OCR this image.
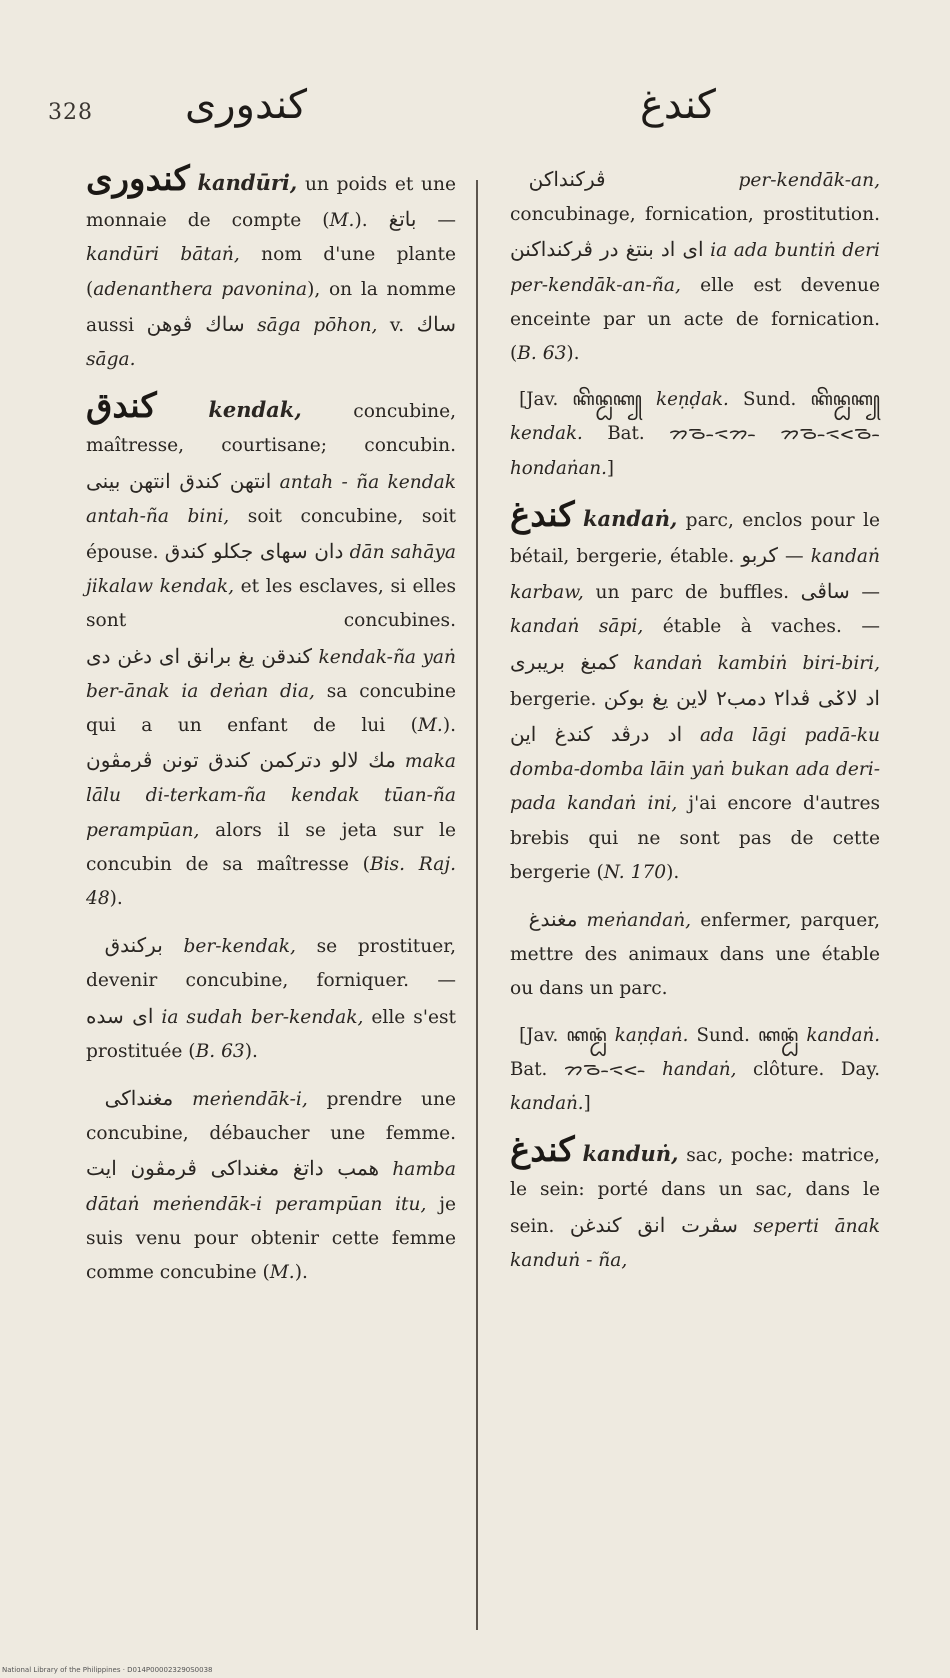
328 کندوری	کندغ

کندوری kandūri, un poids et une monnaie de compte (M.). باتغ — kandūri bātaṅ, nom d'une plante (adenanthera pavonina), on la nomme aussi ساك ڤوهن sāga pōhon, v. ساك sāga.

کندق kendak, concubine, maîtresse, courtisane; concubin. انتهن کندق انتهن بینی antah - ña kendak antah-ña bini, soit concubine, soit épouse. دان سهای جکلو کندق dān sahāya jikalaw kendak, et les esclaves, si elles sont concubines. کندقن یغ برانق ای دغن دی kendak-ña yaṅ ber-ānak ia deṅan dia, sa concubine qui a un enfant de lui (M.). مك لالو دترکمن کندق تونن ڤرمڤون maka lālu di-terkam-ña kendak tūan-ña perampūan, alors il se jeta sur le concubin de sa maîtresse (Bis. Raj. 48).

 برکندق ber-kendak, se prostituer, devenir concubine, forniquer. — ای سده ia sudah ber-kendak, elle s'est prostituée (B. 63).

 مغنداکی meṅendāk-i, prendre une concubine, débaucher une femme. همب داتغ مغنداکی ڤرمڤون ایت hamba dātaṅ meṅendāk-i perampūan itu, je suis venu pour obtenir cette femme comme concubine (M.).

 ڤرکنداکن	per-kendāk-an, concubinage, fornication, prostitution. ای اد بنتغ در ڤرکنداکنن ia ada buntiṅ deri per-kendāk-an-ña, elle est devenue enceinte par un acte de fornication. (B. 63).

 [Jav. ꦏꦼꦤ꧀ꦝꦏ꧀ keṇḍak. Sund. ꦏꦼꦤ꧀ꦝꦏ꧀ kendak. Bat. ᯂᯉ᯳ᯑᯂ᯳ ᯂᯉ᯳ᯑᯝᯉ᯳ hondaṅan.]

کندغ kandaṅ, parc, enclos pour le bétail, bergerie, étable. کربو — kandaṅ karbaw, un parc de buffles. ساڤی — kandaṅ sāpi, étable à vaches. — کمبغ بریبری kandaṅ kambiṅ biri-biri, bergerie. اد لاݢی ڤدا۲ دمب۲ لاین یغ بوکن اد درڤد کندغ این ada lāgi padā-ku domba-domba lāin yaṅ bukan ada deri-pada kandaṅ ini, j'ai encore d'autres brebis qui ne sont pas de cette bergerie (N. 170).

 مغندغ meṅandaṅ, enfermer, parquer, mettre des animaux dans une étable ou dans un parc.

 [Jav. ꦏꦤ꧀ꦝꦁ kaṇḍaṅ. Sund. ꦏꦤ꧀ꦝꦁ kandaṅ. Bat. ᯂᯉ᯳ᯑᯝ᯳ handaṅ, clôture. Day. kandaṅ.]

کندغ kanduṅ, sac, poche: matrice, le sein: porté dans un sac, dans le sein. سڤرت انق کندغن seperti ānak kanduṅ - ña,

National Library of the Philippines · D014P000023290S0038
